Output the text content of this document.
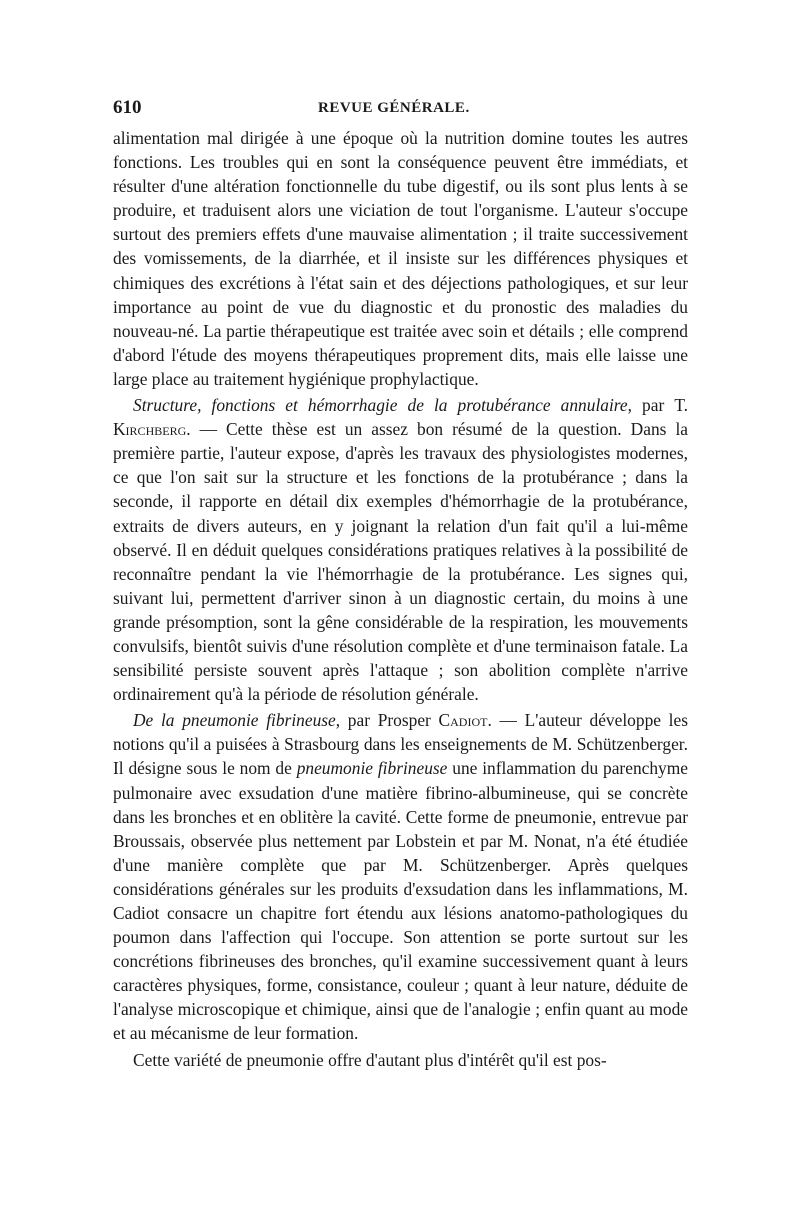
610	REVUE GÉNÉRALE.

alimentation mal dirigée à une époque où la nutrition domine toutes les autres fonctions. Les troubles qui en sont la conséquence peuvent être immédiats, et résulter d'une altération fonctionnelle du tube digestif, ou ils sont plus lents à se produire, et traduisent alors une viciation de tout l'organisme. L'auteur s'occupe surtout des premiers effets d'une mauvaise alimentation ; il traite successivement des vomissements, de la diarrhée, et il insiste sur les différences physiques et chimiques des excrétions à l'état sain et des déjections pathologiques, et sur leur importance au point de vue du diagnostic et du pronostic des maladies du nouveau-né. La partie thérapeutique est traitée avec soin et détails ; elle comprend d'abord l'étude des moyens thérapeutiques proprement dits, mais elle laisse une large place au traitement hygiénique prophylactique.

Structure, fonctions et hémorrhagie de la protubérance annulaire, par T. Kirchberg. — Cette thèse est un assez bon résumé de la question. Dans la première partie, l'auteur expose, d'après les travaux des physiologistes modernes, ce que l'on sait sur la structure et les fonctions de la protubérance ; dans la seconde, il rapporte en détail dix exemples d'hémorrhagie de la protubérance, extraits de divers auteurs, en y joignant la relation d'un fait qu'il a lui-même observé. Il en déduit quelques considérations pratiques relatives à la possibilité de reconnaître pendant la vie l'hémorrhagie de la protubérance. Les signes qui, suivant lui, permettent d'arriver sinon à un diagnostic certain, du moins à une grande présomption, sont la gêne considérable de la respiration, les mouvements convulsifs, bientôt suivis d'une résolution complète et d'une terminaison fatale. La sensibilité persiste souvent après l'attaque ; son abolition complète n'arrive ordinairement qu'à la période de résolution générale.

De la pneumonie fibrineuse, par Prosper Cadiot. — L'auteur développe les notions qu'il a puisées à Strasbourg dans les enseignements de M. Schützenberger. Il désigne sous le nom de pneumonie fibrineuse une inflammation du parenchyme pulmonaire avec exsudation d'une matière fibrino-albumineuse, qui se concrète dans les bronches et en oblitère la cavité. Cette forme de pneumonie, entrevue par Broussais, observée plus nettement par Lobstein et par M. Nonat, n'a été étudiée d'une manière complète que par M. Schützenberger. Après quelques considérations générales sur les produits d'exsudation dans les inflammations, M. Cadiot consacre un chapitre fort étendu aux lésions anatomo-pathologiques du poumon dans l'affection qui l'occupe. Son attention se porte surtout sur les concrétions fibrineuses des bronches, qu'il examine successivement quant à leurs caractères physiques, forme, consistance, couleur ; quant à leur nature, déduite de l'analyse microscopique et chimique, ainsi que de l'analogie ; enfin quant au mode et au mécanisme de leur formation.

Cette variété de pneumonie offre d'autant plus d'intérêt qu'il est pos-
